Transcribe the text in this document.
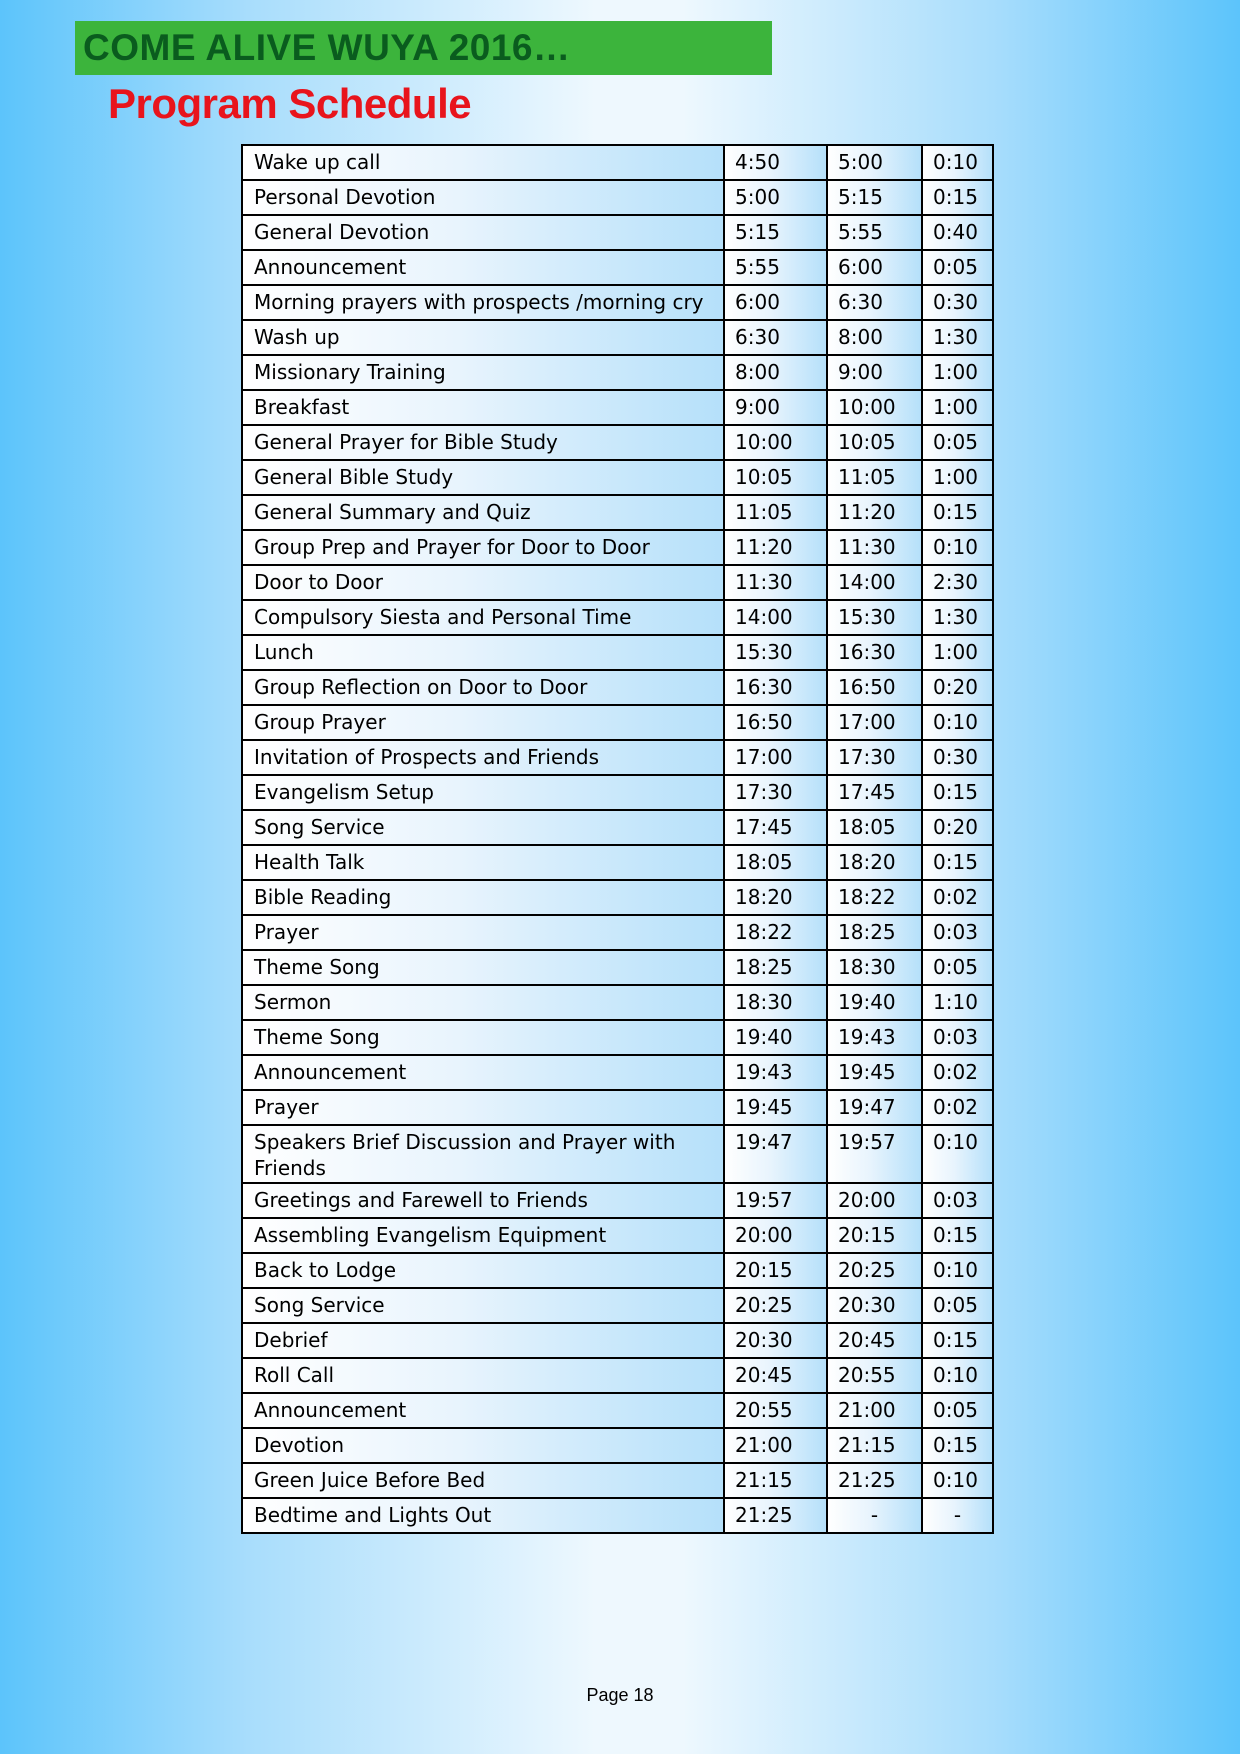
COME ALIVE WUYA 2016…
Program Schedule
Wake up call	4:50	5:00	0:10
Personal Devotion	5:00	5:15	0:15
General Devotion	5:15	5:55	0:40
Announcement	5:55	6:00	0:05
Morning prayers with prospects /morning cry	6:00	6:30	0:30
Wash up	6:30	8:00	1:30
Missionary Training	8:00	9:00	1:00
Breakfast	9:00	10:00	1:00
General Prayer for Bible Study	10:00	10:05	0:05
General Bible Study	10:05	11:05	1:00
General Summary and Quiz	11:05	11:20	0:15
Group Prep and Prayer for Door to Door	11:20	11:30	0:10
Door to Door	11:30	14:00	2:30
Compulsory Siesta and Personal Time	14:00	15:30	1:30
Lunch	15:30	16:30	1:00
Group Reflection on Door to Door	16:30	16:50	0:20
Group Prayer	16:50	17:00	0:10
Invitation of Prospects and Friends	17:00	17:30	0:30
Evangelism Setup	17:30	17:45	0:15
Song Service	17:45	18:05	0:20
Health Talk	18:05	18:20	0:15
Bible Reading	18:20	18:22	0:02
Prayer	18:22	18:25	0:03
Theme Song	18:25	18:30	0:05
Sermon	18:30	19:40	1:10
Theme Song	19:40	19:43	0:03
Announcement	19:43	19:45	0:02
Prayer	19:45	19:47	0:02
Speakers Brief Discussion and Prayer with Friends	19:47	19:57	0:10
Greetings and Farewell to Friends	19:57	20:00	0:03
Assembling Evangelism Equipment	20:00	20:15	0:15
Back to Lodge	20:15	20:25	0:10
Song Service	20:25	20:30	0:05
Debrief	20:30	20:45	0:15
Roll Call	20:45	20:55	0:10
Announcement	20:55	21:00	0:05
Devotion	21:00	21:15	0:15
Green Juice Before Bed	21:15	21:25	0:10
Bedtime and Lights Out	21:25	-	-
Page 18
